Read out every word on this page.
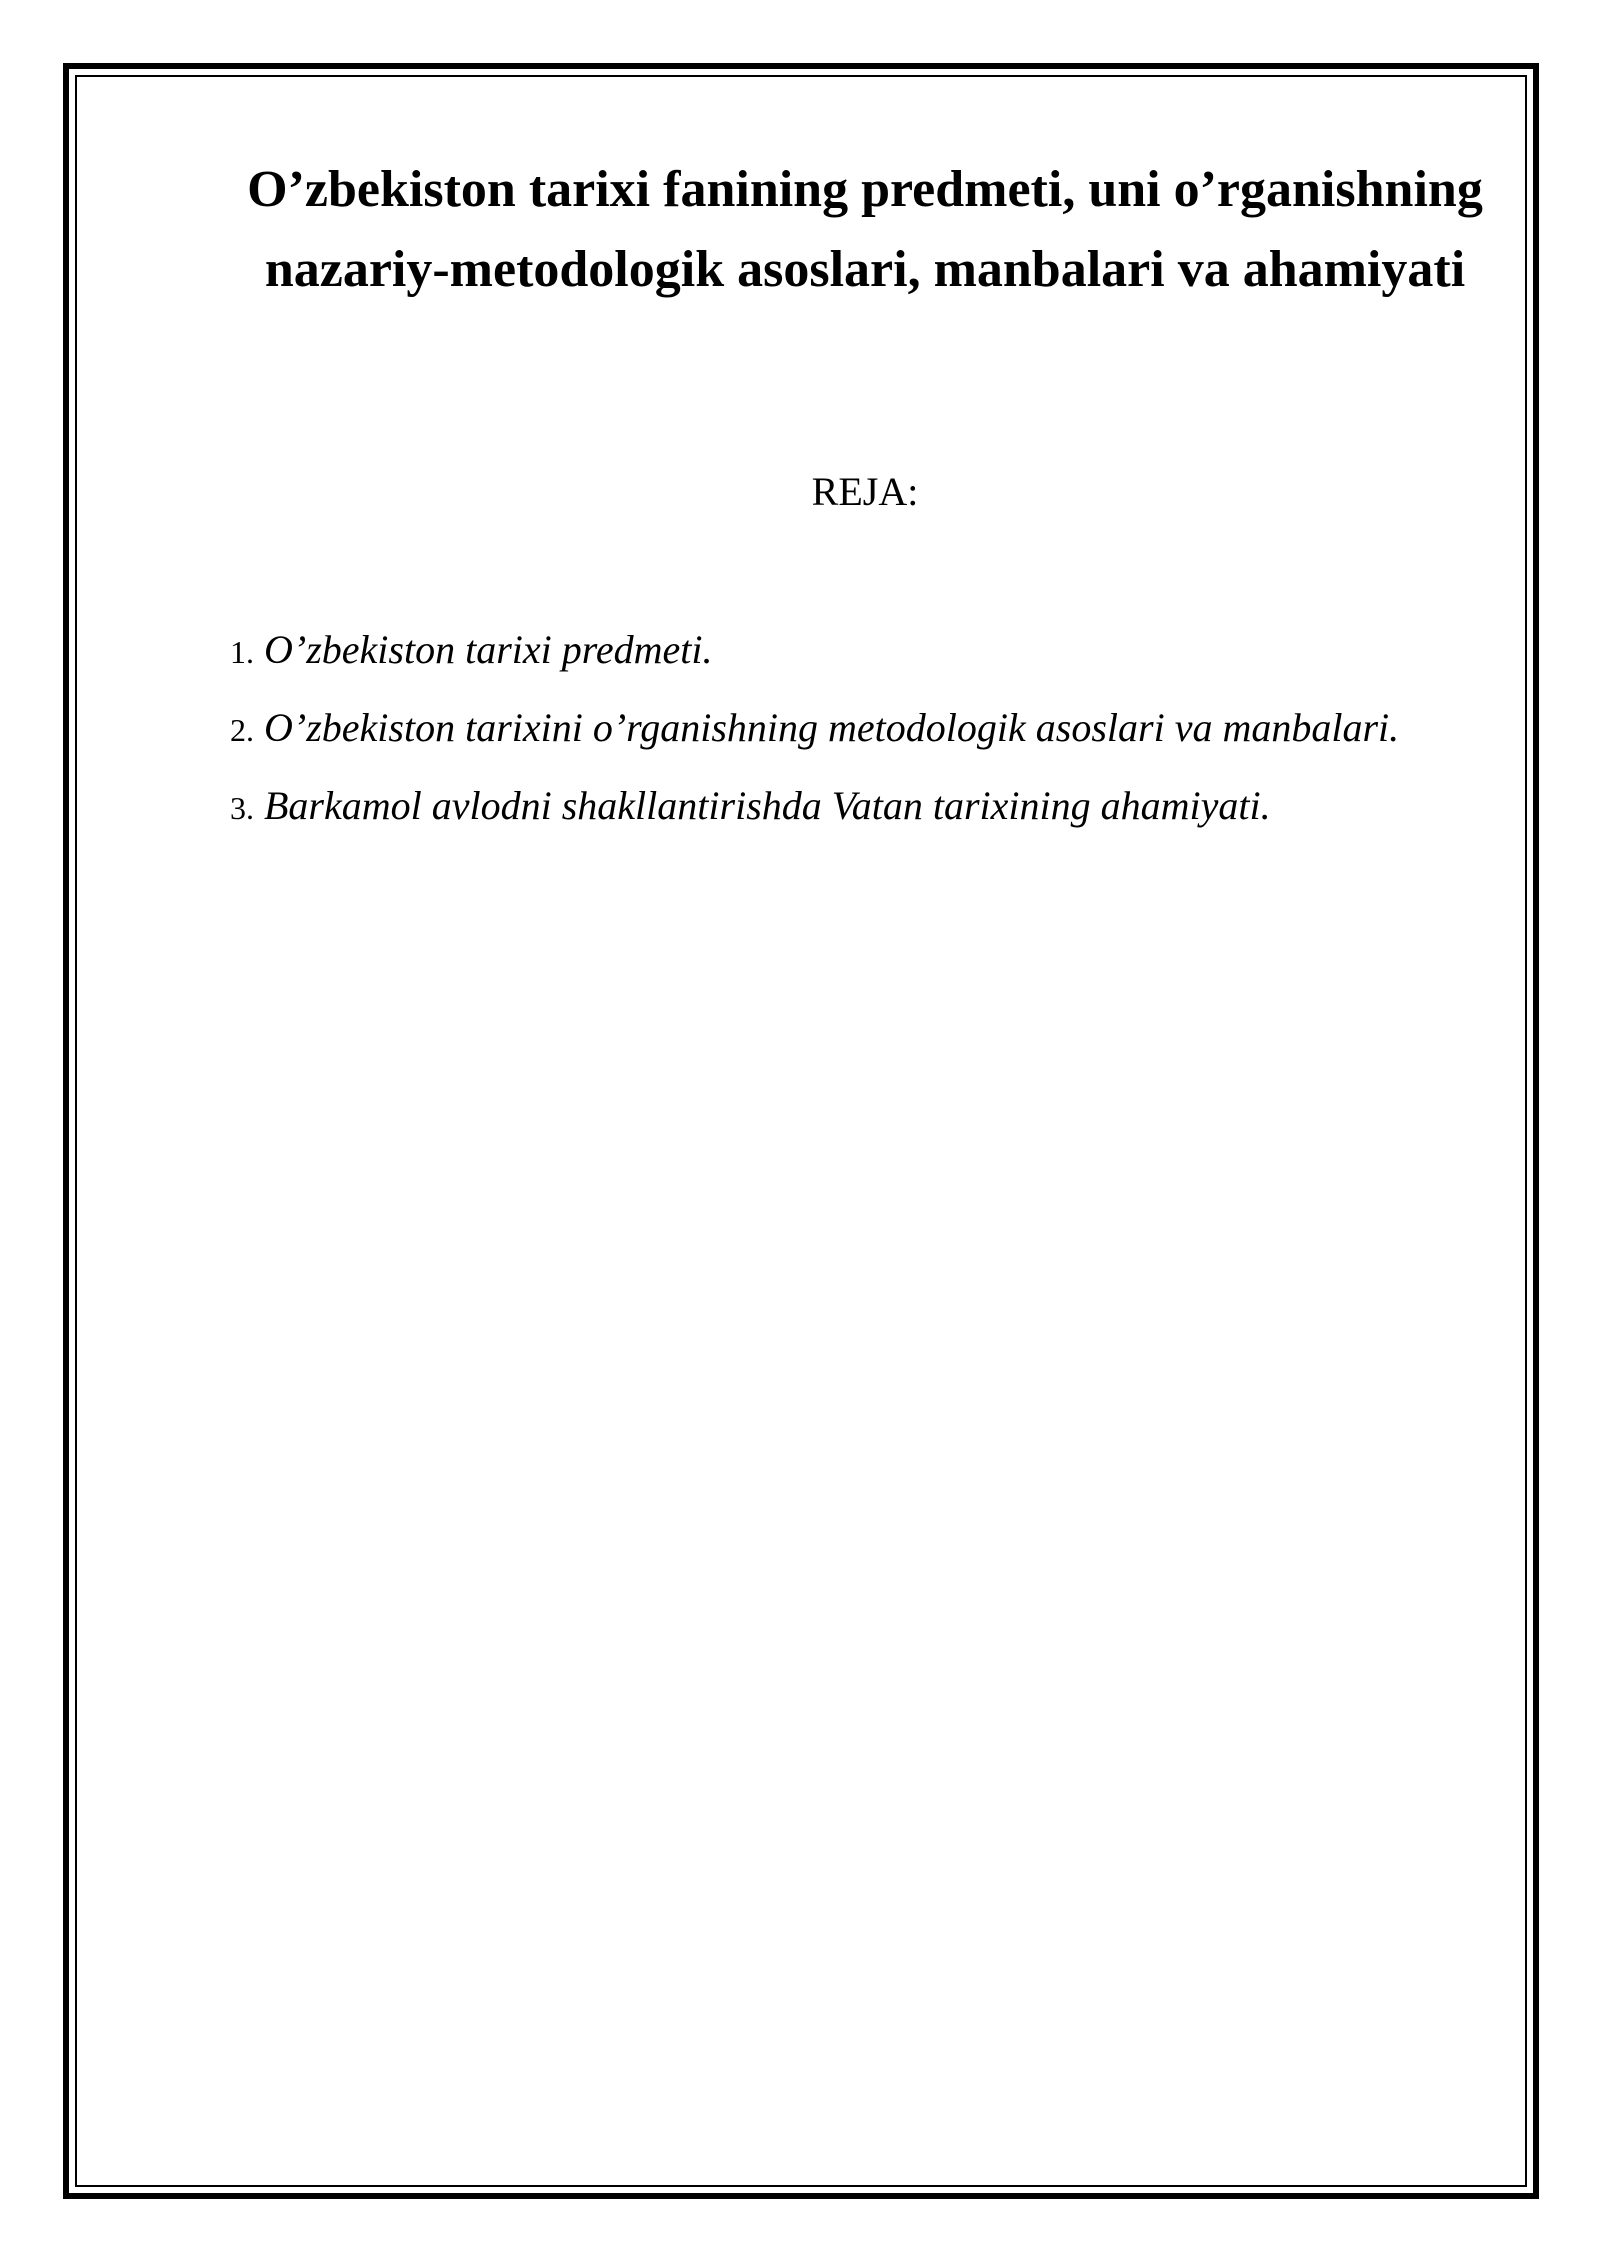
O’zbekiston tarixi fanining predmeti, uni o’rganishning nazariy-metodologik asoslari, manbalari va ahamiyati
REJA:
1. O’zbekiston tarixi predmeti.
2. O’zbekiston tarixini o’rganishning metodologik asoslari va manbalari.
3. Barkamol avlodni shakllantirishda Vatan tarixining ahamiyati.
